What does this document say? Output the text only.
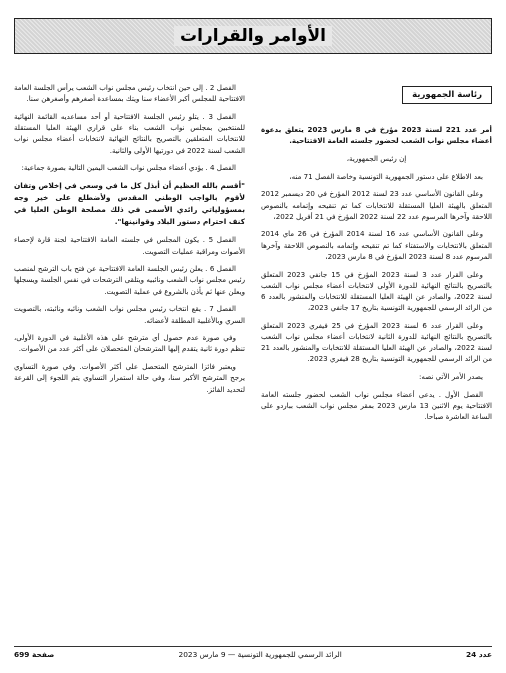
الأوامر والقرارات
رئاسة الجمهورية

أمر عدد 221 لسنة 2023 مؤرخ في 8 مارس 2023 يتعلق بدعوة أعضاء مجلس نواب الشعب لحضور جلسته العامة الافتتاحية.

إن رئيس الجمهورية،

بعد الاطلاع على دستور الجمهورية التونسية وخاصة الفصل 71 منه،

وعلى القانون الأساسي عدد 23 لسنة 2012 المؤرخ في 20 ديسمبر 2012 المتعلق بالهيئة العليا المستقلة للانتخابات كما تم تنقيحه وإتمامه بالنصوص اللاحقة وآخرها المرسوم عدد 22 لسنة 2022 المؤرخ في 21 أفريل 2022،

وعلى القانون الأساسي عدد 16 لسنة 2014 المؤرخ في 26 ماي 2014 المتعلق بالانتخابات والاستفتاء كما تم تنقيحه وإتمامه بالنصوص اللاحقة وآخرها المرسوم عدد 8 لسنة 2023 المؤرخ في 8 مارس 2023،

وعلى القرار عدد 3 لسنة 2023 المؤرخ في 15 جانفي 2023 المتعلق بالتصريح بالنتائج النهائية للدورة الأولى لانتخابات أعضاء مجلس نواب الشعب لسنة 2022، والصادر عن الهيئة العليا المستقلة للانتخابات والمنشور بالعدد 6 من الرائد الرسمي للجمهورية التونسية بتاريخ 17 جانفي 2023،

وعلى القرار عدد 6 لسنة 2023 المؤرخ في 25 فيفري 2023 المتعلق بالتصريح بالنتائج النهائية للدورة الثانية لانتخابات أعضاء مجلس نواب الشعب لسنة 2022، والصادر عن الهيئة العليا المستقلة للانتخابات والمنشور بالعدد 21 من الرائد الرسمي للجمهورية التونسية بتاريخ 28 فيفري 2023.

يصدر الأمر الآتي نصه:

الفصل الأول . يدعى أعضاء مجلس نواب الشعب لحضور جلسته العامة الافتتاحية يوم الاثنين 13 مارس 2023 بمقر مجلس نواب الشعب بباردو على الساعة العاشرة صباحا.

الفصل 2 . إلى حين انتخاب رئيس مجلس نواب الشعب يرأس الجلسة العامة الافتتاحية للمجلس أكبر الأعضاء سنا ويتك بمساعدة أصغرهم وأصغرهن سنا.

الفصل 3 . يتلو رئيس الجلسة الافتتاحية أو أحد مساعديه القائمة النهائية للمنتخبين بمجلس نواب الشعب بناء على قراري الهيئة العليا المستقلة للانتخابات المتعلقين بالتصريح بالنتائج النهائية لانتخابات أعضاء مجلس نواب الشعب لسنة 2022 في دورتيها الأولى والثانية.

الفصل 4 . يؤدي أعضاء مجلس نواب الشعب اليمين التالية بصورة جماعية:

"أقسم بالله العظيم أن أبذل كل ما في وسعي في إخلاص وتفان لأقوم بالواجب الوطني المقدس ولأضطلع على خير وجه بمسؤولياتي رائدي الأسمى في ذلك مصلحة الوطن العليا في كنف احترام دستور البلاد وقوانينها".

الفصل 5 . يكون المجلس في جلسته العامة الافتتاحية لجنة قارة لإحصاء الأصوات ومراقبة عمليات التصويت.

الفصل 6 . يعلن رئيس الجلسة العامة الافتتاحية عن فتح باب الترشح لمنصب رئيس مجلس نواب الشعب ونائبيه ويتلقى الترشحات في نفس الجلسة ويسجلها ويعلن عنها ثم يأذن بالشروع في عملية التصويت.

الفصل 7 . يقع انتخاب رئيس مجلس نواب الشعب ونائبه ونائبته، بالتصويت السري وبالأغلبية المطلقة لأعضائه.

وفي صورة عدم حصول أي مترشح على هذه الأغلبية في الدورة الأولى، تنظم دورة ثانية يتقدم إليها المترشحان المتحصلان على أكثر عدد من الأصوات.

ويعتبر فائزا المترشح المتحصل على أكثر الأصوات. وفي صورة التساوي يرجح المترشح الأكبر سنا، وفي حالة استمرار التساوي يتم اللجوء إلى القرعة لتحديد الفائز.

عدد 24
الرائد الرسمي للجمهورية التونسية — 9 مارس 2023
صفحة 699
